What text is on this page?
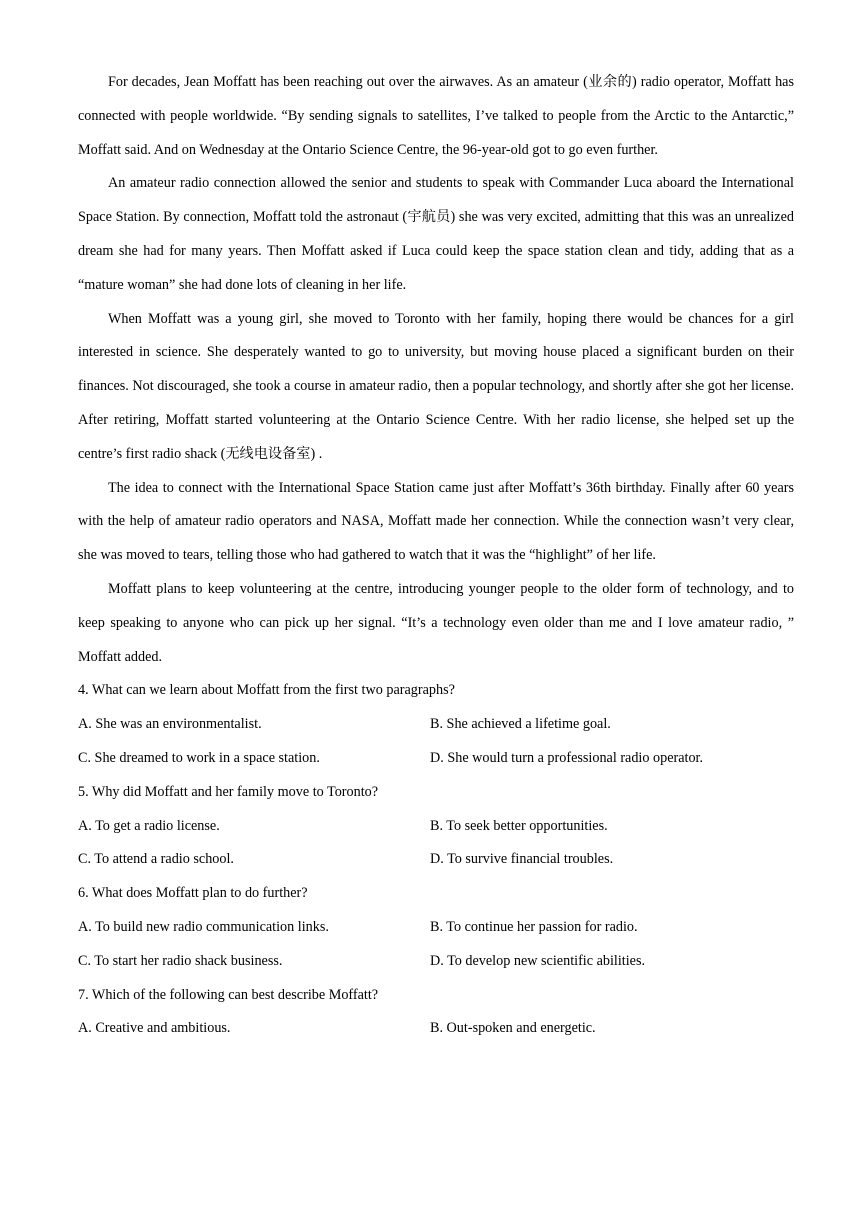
For decades, Jean Moffatt has been reaching out over the airwaves. As an amateur (业余的) radio operator, Moffatt has connected with people worldwide. “By sending signals to satellites, I’ve talked to people from the Arctic to the Antarctic,” Moffatt said. And on Wednesday at the Ontario Science Centre, the 96-year-old got to go even further.

An amateur radio connection allowed the senior and students to speak with Commander Luca aboard the International Space Station. By connection, Moffatt told the astronaut (宇航员) she was very excited, admitting that this was an unrealized dream she had for many years. Then Moffatt asked if Luca could keep the space station clean and tidy, adding that as a “mature woman” she had done lots of cleaning in her life.

When Moffatt was a young girl, she moved to Toronto with her family, hoping there would be chances for a girl interested in science. She desperately wanted to go to university, but moving house placed a significant burden on their finances. Not discouraged, she took a course in amateur radio, then a popular technology, and shortly after she got her license. After retiring, Moffatt started volunteering at the Ontario Science Centre. With her radio license, she helped set up the centre’s first radio shack (无线电设备室) .

The idea to connect with the International Space Station came just after Moffatt’s 36th birthday. Finally after 60 years with the help of amateur radio operators and NASA, Moffatt made her connection. While the connection wasn’t very clear, she was moved to tears, telling those who had gathered to watch that it was the “highlight” of her life.

Moffatt plans to keep volunteering at the centre, introducing younger people to the older form of technology, and to keep speaking to anyone who can pick up her signal. “It’s a technology even older than me and I love amateur radio, ” Moffatt added.

4. What can we learn about Moffatt from the first two paragraphs?

A. She was an environmentalist.	B. She achieved a lifetime goal.

C. She dreamed to work in a space station.	D. She would turn a professional radio operator.

5. Why did Moffatt and her family move to Toronto?

A. To get a radio license.	B. To seek better opportunities.

C. To attend a radio school.	D. To survive financial troubles.

6. What does Moffatt plan to do further?

A. To build new radio communication links.	B. To continue her passion for radio.

C. To start her radio shack business.	D. To develop new scientific abilities.

7. Which of the following can best describe Moffatt?

A. Creative and ambitious.	B. Out-spoken and energetic.
